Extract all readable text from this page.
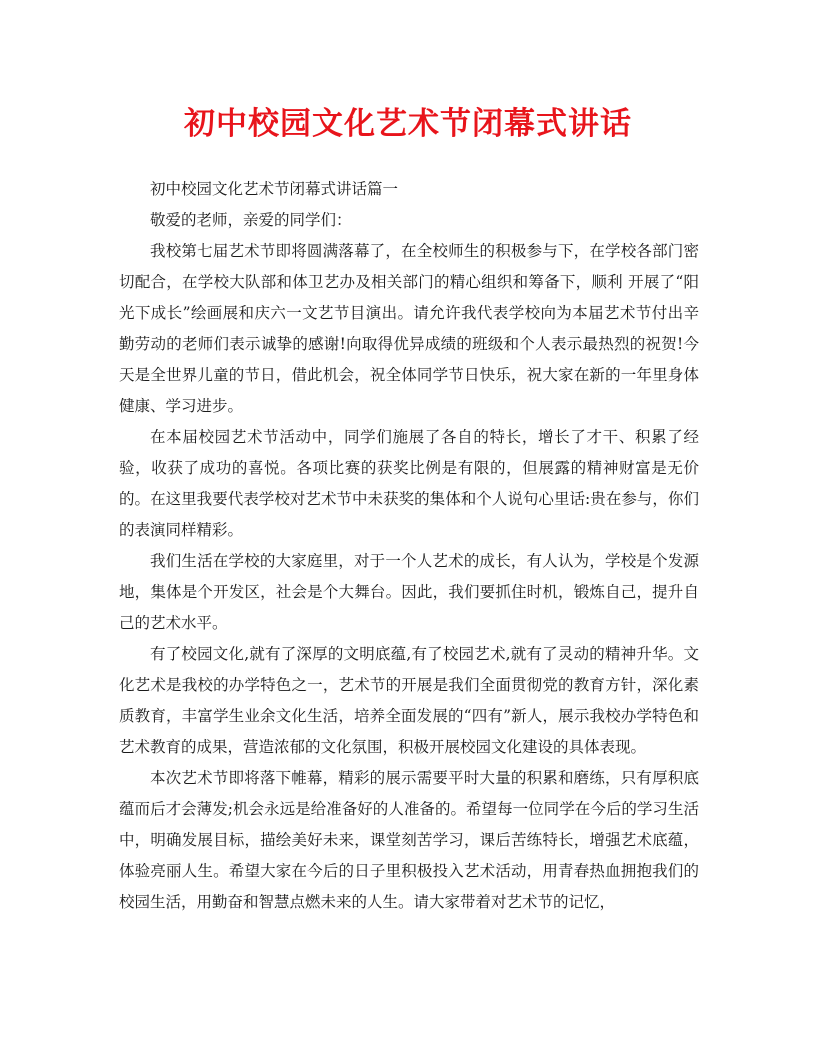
初中校园文化艺术节闭幕式讲话

初中校园文化艺术节闭幕式讲话篇一

敬爱的老师，亲爱的同学们：

我校第七届艺术节即将圆满落幕了，在全校师生的积极参与下，在学校各部门密切配合，在学校大队部和体卫艺办及相关部门的精心组织和筹备下，顺利 开展了“阳光下成长”绘画展和庆六一文艺节目演出。请允许我代表学校向为本届艺术节付出辛勤劳动的老师们表示诚挚的感谢!向取得优异成绩的班级和个人表示最热烈的祝贺!今天是全世界儿童的节日，借此机会，祝全体同学节日快乐，祝大家在新的一年里身体健康、学习进步。

在本届校园艺术节活动中，同学们施展了各自的特长，增长了才干、积累了经验，收获了成功的喜悦。各项比赛的获奖比例是有限的，但展露的精神财富是无价的。在这里我要代表学校对艺术节中未获奖的集体和个人说句心里话:贵在参与，你们的表演同样精彩。

我们生活在学校的大家庭里，对于一个人艺术的成长，有人认为，学校是个发源地，集体是个开发区，社会是个大舞台。因此，我们要抓住时机，锻炼自己，提升自己的艺术水平。

有了校园文化,就有了深厚的文明底蕴,有了校园艺术,就有了灵动的精神升华。文化艺术是我校的办学特色之一，艺术节的开展是我们全面贯彻党的教育方针，深化素质教育，丰富学生业余文化生活，培养全面发展的“四有”新人，展示我校办学特色和艺术教育的成果，营造浓郁的文化氛围，积极开展校园文化建设的具体表现。

本次艺术节即将落下帷幕，精彩的展示需要平时大量的积累和磨练，只有厚积底蕴而后才会薄发;机会永远是给准备好的人准备的。希望每一位同学在今后的学习生活中，明确发展目标，描绘美好未来，课堂刻苦学习，课后苦练特长，增强艺术底蕴，体验亮丽人生。希望大家在今后的日子里积极投入艺术活动，用青春热血拥抱我们的校园生活，用勤奋和智慧点燃未来的人生。请大家带着对艺术节的记忆，
